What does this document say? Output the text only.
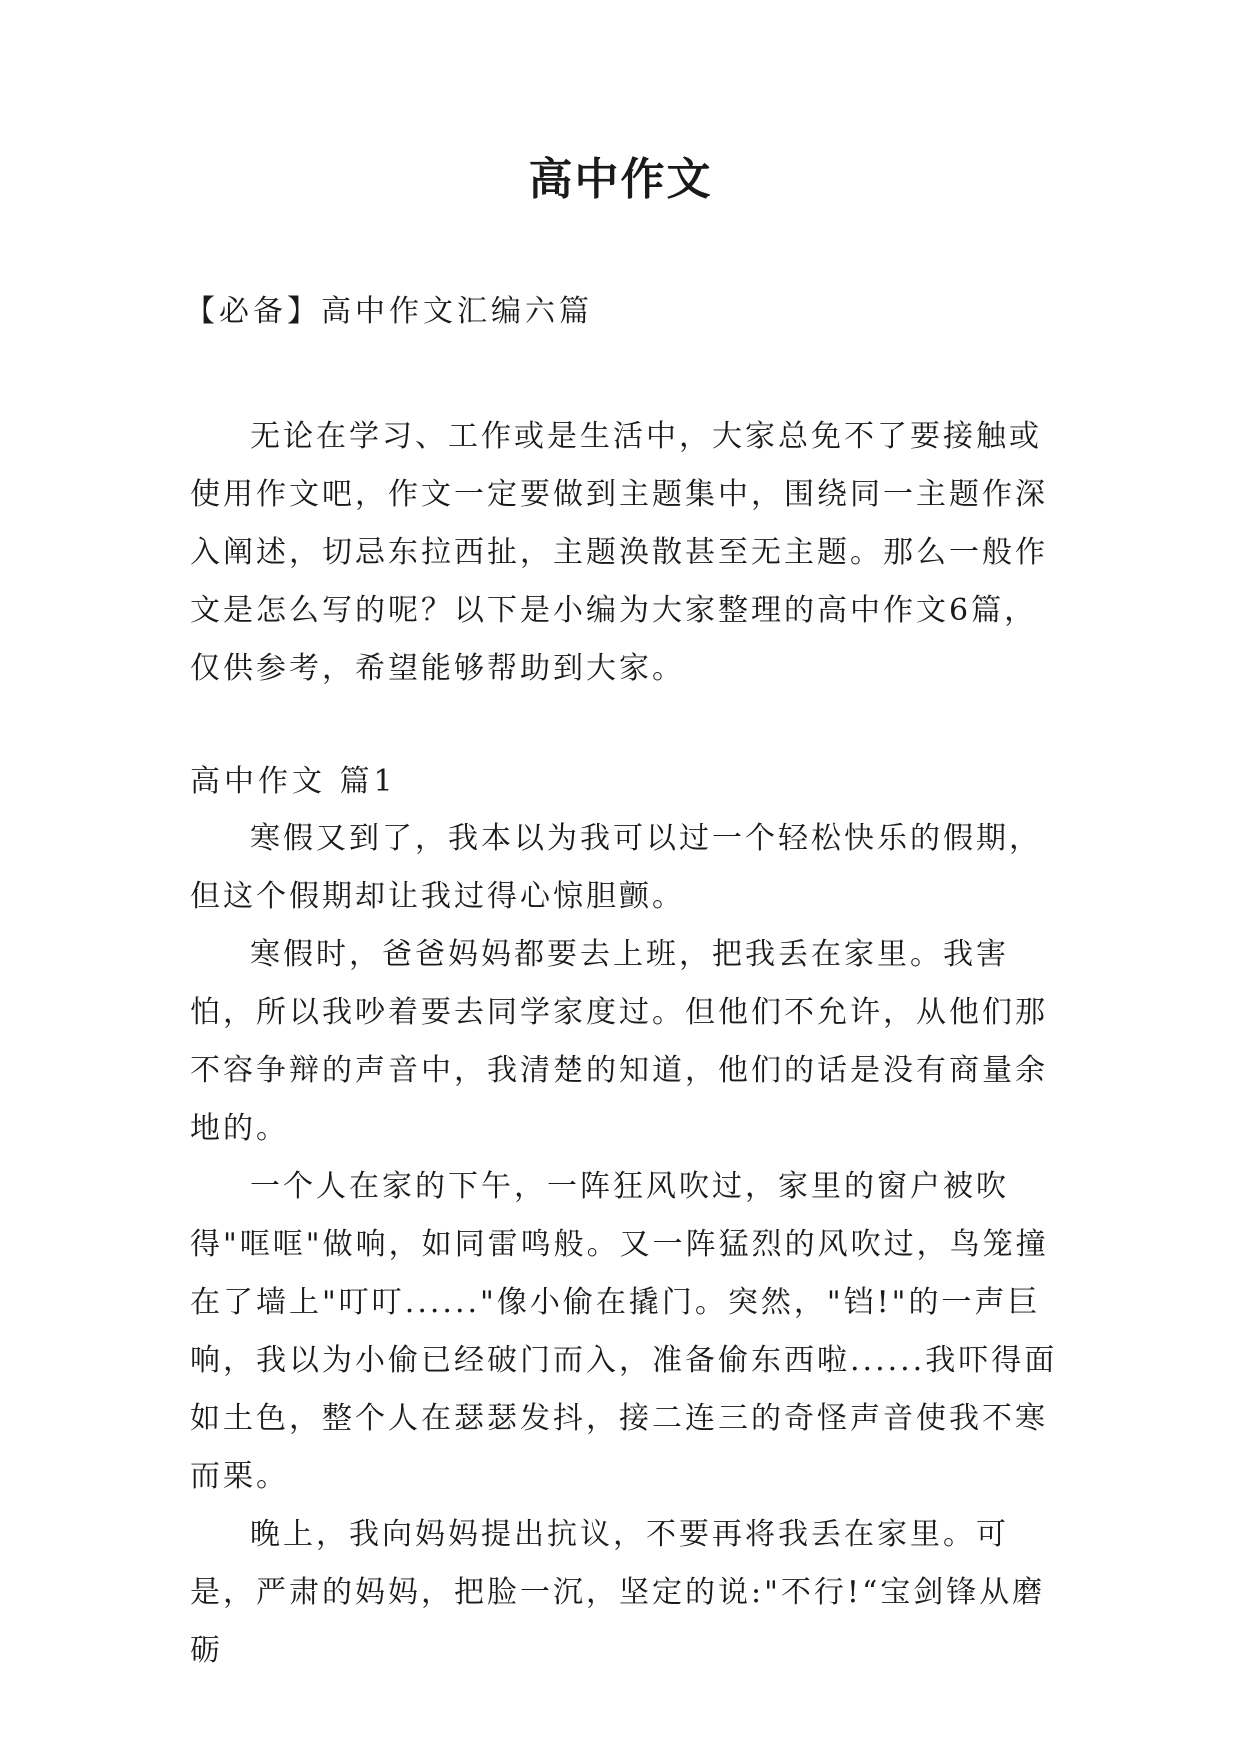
高中作文

【必备】高中作文汇编六篇

无论在学习、工作或是生活中，大家总免不了要接触或使用作文吧，作文一定要做到主题集中，围绕同一主题作深入阐述，切忌东拉西扯，主题涣散甚至无主题。那么一般作文是怎么写的呢？以下是小编为大家整理的高中作文6篇，仅供参考，希望能够帮助到大家。

高中作文 篇1

寒假又到了，我本以为我可以过一个轻松快乐的假期，但这个假期却让我过得心惊胆颤。

寒假时，爸爸妈妈都要去上班，把我丢在家里。我害怕，所以我吵着要去同学家度过。但他们不允许，从他们那不容争辩的声音中，我清楚的知道，他们的话是没有商量余地的。

一个人在家的下午，一阵狂风吹过，家里的窗户被吹得"哐哐"做响，如同雷鸣般。又一阵猛烈的风吹过，鸟笼撞在了墙上"叮叮......"像小偷在撬门。突然，"铛!"的一声巨响，我以为小偷已经破门而入，准备偷东西啦......我吓得面如土色，整个人在瑟瑟发抖，接二连三的奇怪声音使我不寒而栗。

晚上，我向妈妈提出抗议，不要再将我丢在家里。可是，严肃的妈妈，把脸一沉，坚定的说:"不行!“宝剑锋从磨砺
